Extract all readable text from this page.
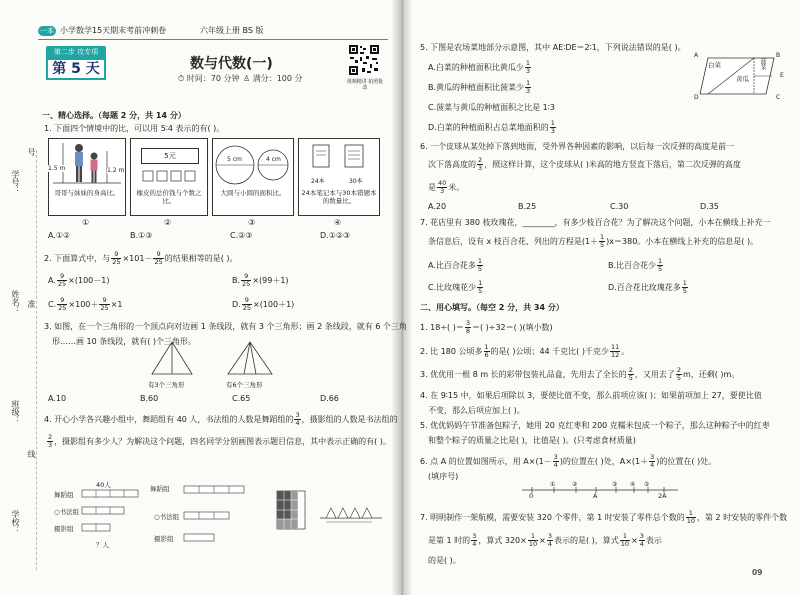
一本 小学数学15天期末考前冲刺卷	六年级上册 BS 版
第二步 攻专项
第 5 天	数与代数(一)
⏱ 时间：70 分钟 ♙ 满分：100 分	视频精讲 拍照批改
学号：
号
姓名： 准
班级：
线
学校：
一、精心选择。（每题 2 分，共 14 分）
1. 下面四个情境中的比，可以用 5∶4 表示的有( )。
1.5 m	1.2 m
哥哥与妹妹的身高比。
5元
橡皮的总价钱与个数之比。
5 cm	4 cm
大圆与小圆的面积比。
24本	30本
24本笔记本与30本错题本的数量比。
①	②	③	④
A.①②	B.①③	C.②③	D.①②③
2. 下面算式中，与 $\frac{9}{25} \times 101- \frac{9}{25}$ 的结果相等的是( )。
A. $\frac{9}{25} \times(100-1)$	B. $\frac{9}{25} \times(99+1)$
C. $\frac{9}{25} \times 100+ \frac{9}{25} \times 1$	D. $\frac{9}{25} \times(100+1)$
3. 如图，在一个三角形的一个顶点向对边画 1 条线段，就有 3 个三角形；画 2 条线段，就有 6 个三角
形……画 10 条线段，就有( )个三角形。
有3个三角形	有6个三角形
A.10	B.60	C.65	D.66
4. 开心小学各兴趣小组中，舞蹈组有 40 人，书法组的人数是舞蹈组的 $\frac{3}{4}$ ，摄影组的人数是书法组的
$\frac{2}{3}$ ，摄影组有多少人？为解决这个问题，四名同学分别画图表示题目信息，其中表示正确的有( )。
舞蹈组
○书法组
摄影组
40人
？人
舞蹈组
○书法组
摄影组
5. 下图是农场菜地部分示意图，其中 AE∶DE＝2∶1，下列说法错误的是( )。
A.白菜的种植面积比黄瓜少 $\frac{1}{3}$
B.黄瓜的种植面积比菠菜少 $\frac{1}{3}$
C.菠菜与黄瓜的种植面积之比是 1∶3
D.白菜的种植面积占总菜地面积的 $\frac{1}{3}$
A	B
C
D
E
白菜
黄瓜
菠菜
6. 一个皮球从某处掉下落到地面，受外界各种因素的影响，以后每一次反弹的高度是前一
次下落高度的 $\frac{2}{3}$ ，照这样计算，这个皮球从( )米高的地方竖直下落后，第二次反弹的高度
是 $\frac{40}{3}$ 米。
A.20	B.25	C.30	D.35
7. 花店里有 380 枝玫瑰花，________，有多少枝百合花？为了解决这个问题，小本在横线上补充一
条信息后，设有 x 枝百合花，列出的方程是$(1+ \frac{1}{5} )x=380$。小本在横线上补充的信息是( )。
A.比百合花多 $\frac{1}{5}$	B.比百合花少 $\frac{1}{5}$
C.比玫瑰花少 $\frac{1}{5}$	D.百合花比玫瑰花多 $\frac{1}{5}$
二、用心填写。（每空 2 分，共 34 分）
1. 18÷( )＝ $\frac{3}{8}$ ＝( )÷32＝( )(填小数)
2. 比 180 公顷多 $\frac{1}{6}$ 的是( )公顷；44 千克比( )千克少 $\frac{11}{12}$ 。
3. 优优用一根 8 m 长的彩带包装礼品盒，先用去了全长的 $\frac{2}{5}$ ，又用去了 $\frac{2}{5}$ m，还剩( )m。
4. 在 9∶15 中，如果后项除以 3，要使比值不变，那么前项应该( )；如果前项加上 27，要使比值
不变，那么后项应加上( )。
5. 优优妈妈午节准备包粽子，她用 20 克红枣和 200 克糯米包成一个粽子，那么这种粽子中的红枣
和整个粽子的质量之比是( )，比值是( )。(只考虑食材质量)
6. 点 A 的位置如图所示，用 $A\times(1- \frac{3}{4}$ )的位置在( )处，$A\times(1+ \frac{3}{4}$ )的位置在( )处。
(填序号)
0
①	②
A
③ ④ ⑤
2A
7. 明明制作一架航模，需要安装 320 个零件，第 1 时安装了零件总个数的 $\frac{1}{10}$ ，第 2 时安装的零件个数
是第 1 时的 $\frac{3}{4}$ ，算式 $320\times \frac{1}{10} \times \frac{3}{4}$ 表示的是( )，算式 $\frac{1}{10} \times \frac{3}{4}$ 表示
的是( )。
09
